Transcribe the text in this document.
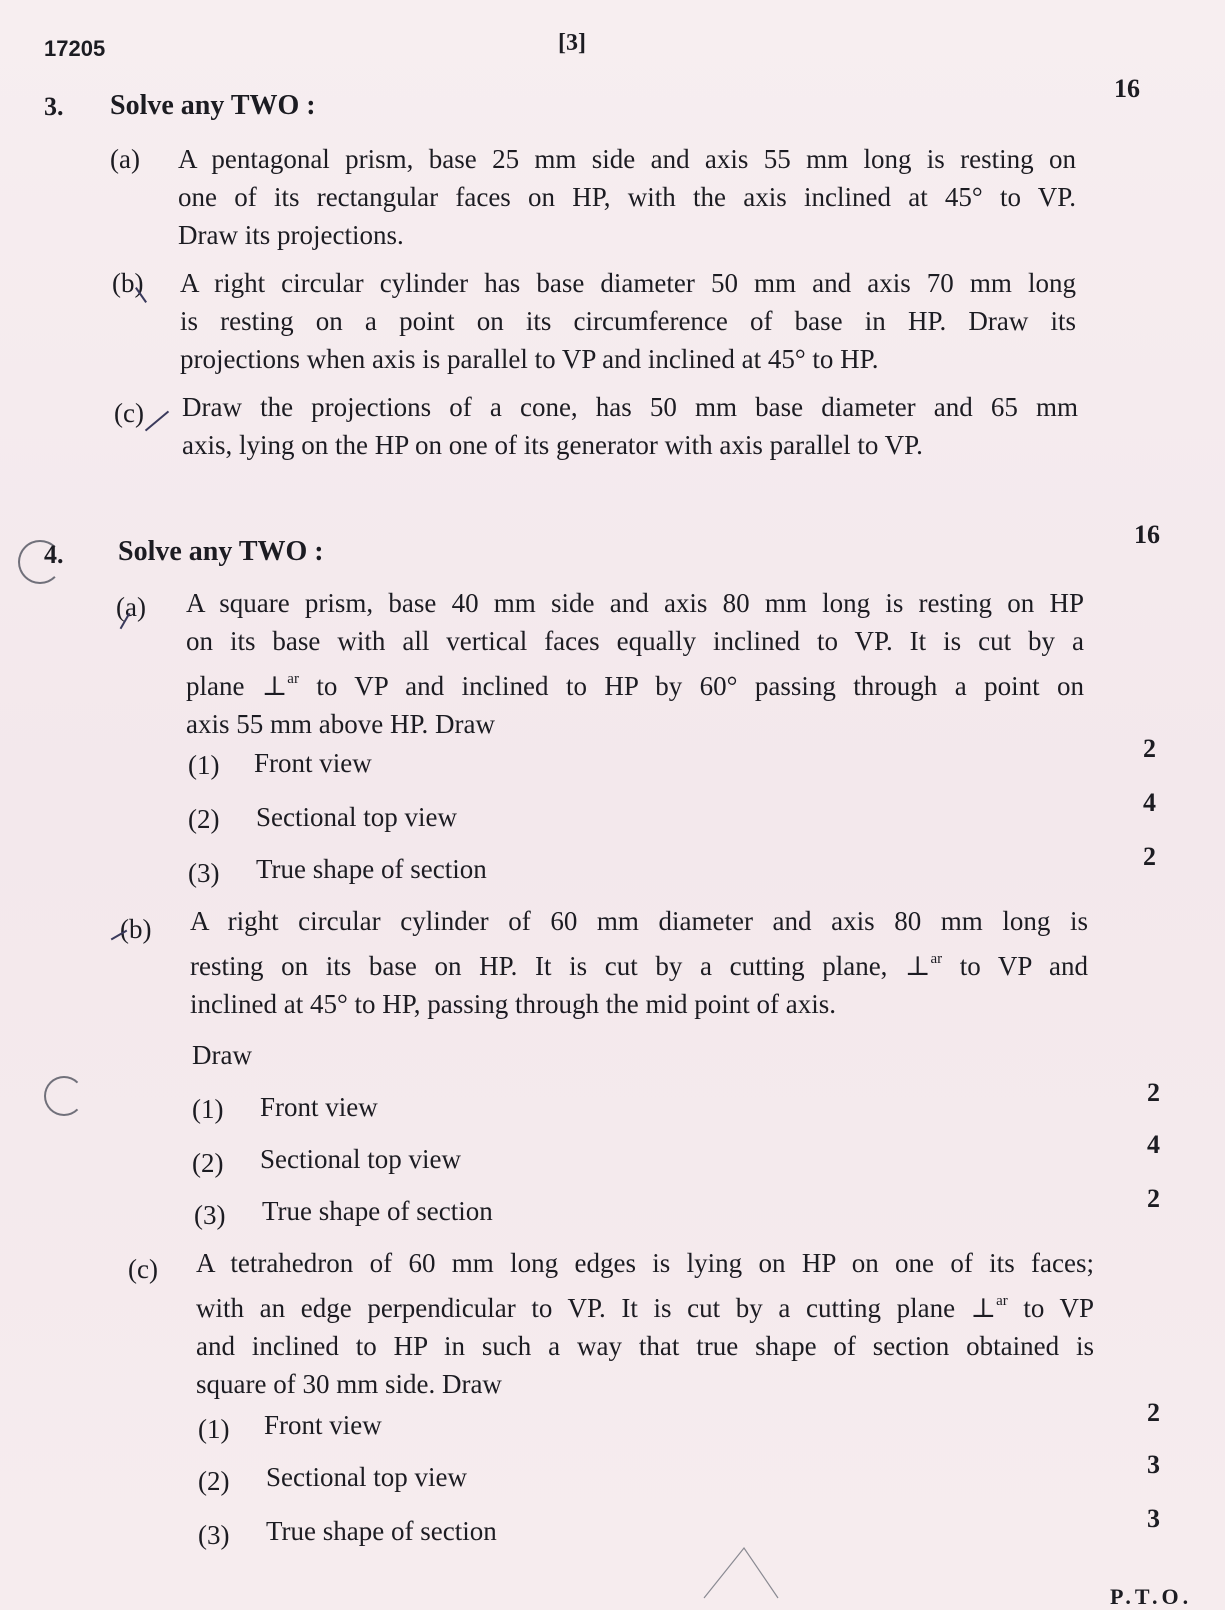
17205	[3]
3. Solve any TWO :
16
(a) A pentagonal prism, base 25 mm side and axis 55 mm long is resting on
one of its rectangular faces on HP, with the axis inclined at 45° to VP.
Draw its projections.
(b) A right circular cylinder has base diameter 50 mm and axis 70 mm long
is resting on a point on its circumference of base in HP. Draw its
projections when axis is parallel to VP and inclined at 45° to HP.
(c) Draw the projections of a cone, has 50 mm base diameter and 65 mm
axis, lying on the HP on one of its generator with axis parallel to VP.
4. Solve any TWO :
16
(a) A square prism, base 40 mm side and axis 80 mm long is resting on HP
on its base with all vertical faces equally inclined to VP. It is cut by a
plane ⊥$^{ar}$ to VP and inclined to HP by 60° passing through a point on
axis 55 mm above HP. Draw
(1) Front view	2
(2) Sectional top view	4
(3) True shape of section	2
(b) A right circular cylinder of 60 mm diameter and axis 80 mm long is
resting on its base on HP. It is cut by a cutting plane, ⊥$^{ar}$ to VP and
inclined at 45° to HP, passing through the mid point of axis.
Draw
(1) Front view	2
(2) Sectional top view	4
(3) True shape of section	2
(c) A tetrahedron of 60 mm long edges is lying on HP on one of its faces;
with an edge perpendicular to VP. It is cut by a cutting plane ⊥$^{ar}$ to VP
and inclined to HP in such a way that true shape of section obtained is
square of 30 mm side. Draw
(1) Front view	2
(2) Sectional top view	3
(3) True shape of section	3
P.T.O.
